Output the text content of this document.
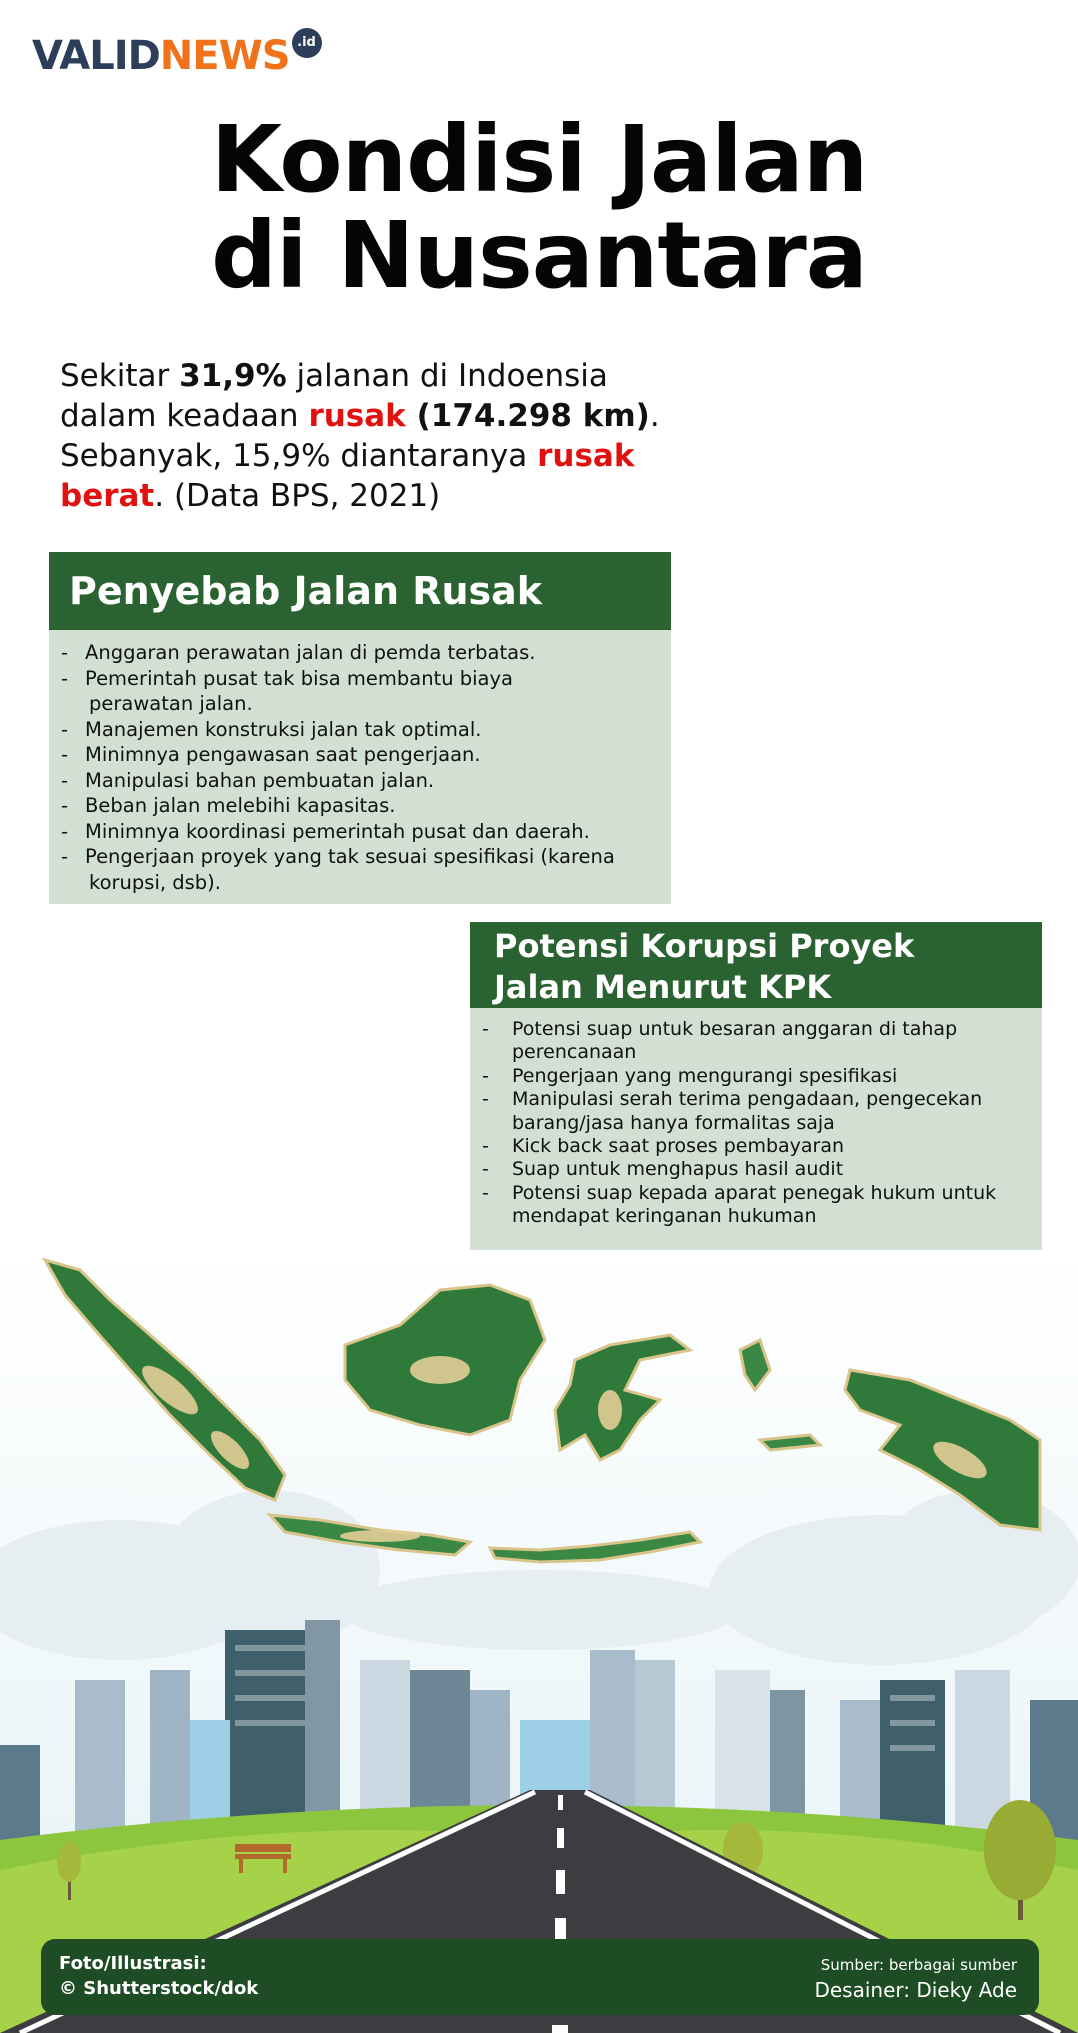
VALID NEWS .id
Kondisi Jalan
di Nusantara
Sekitar 31,9% jalanan di Indoensia
dalam keadaan rusak (174.298 km).
Sebanyak, 15,9% diantaranya rusak
berat. (Data BPS, 2021)
Penyebab Jalan Rusak
- Anggaran perawatan jalan di pemda terbatas.
- Pemerintah pusat tak bisa membantu biaya
perawatan jalan.
- Manajemen konstruksi jalan tak optimal.
- Minimnya pengawasan saat pengerjaan.
- Manipulasi bahan pembuatan jalan.
- Beban jalan melebihi kapasitas.
- Minimnya koordinasi pemerintah pusat dan daerah.
- Pengerjaan proyek yang tak sesuai spesifikasi (karena
korupsi, dsb).
Potensi Korupsi Proyek
Jalan Menurut KPK
- Potensi suap untuk besaran anggaran di tahap
perencanaan
- Pengerjaan yang mengurangi spesifikasi
- Manipulasi serah terima pengadaan, pengecekan
barang/jasa hanya formalitas saja
- Kick back saat proses pembayaran
- Suap untuk menghapus hasil audit
- Potensi suap kepada aparat penegak hukum untuk
mendapat keringanan hukuman
Foto/Illustrasi:
© Shutterstock/dok
Sumber: berbagai sumber
Desainer: Dieky Ade
